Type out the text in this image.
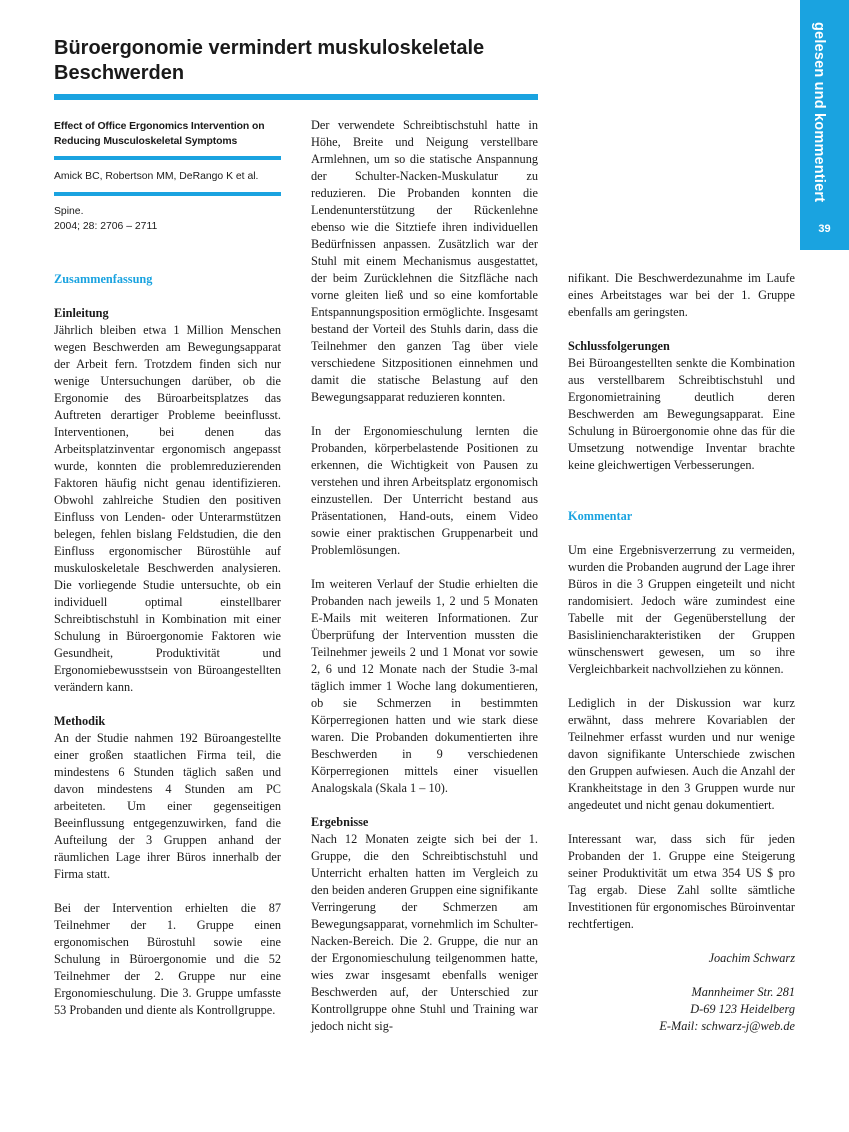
gelesen und kommentiert
39
Büroergonomie vermindert muskuloskeletale Beschwerden
Effect of Office Ergonomics Intervention on Reducing Musculoskeletal Symptoms
Amick BC, Robertson MM, DeRango K et al.
Spine.
2004; 28: 2706 – 2711

Zusammenfassung

Einleitung

Jährlich bleiben etwa 1 Million Menschen wegen Beschwerden am Bewegungsapparat der Arbeit fern. Trotzdem finden sich nur wenige Untersuchungen darüber, ob die Ergonomie des Büroarbeitsplatzes das Auftreten derartiger Probleme beeinflusst. Interventionen, bei denen das Arbeitsplatzinventar ergonomisch angepasst wurde, konnten die problemreduzierenden Faktoren häufig nicht genau identifizieren. Obwohl zahlreiche Studien den positiven Einfluss von Lenden- oder Unterarmstützen belegen, fehlen bislang Feldstudien, die den Einfluss ergonomischer Bürostühle auf muskuloskeletale Beschwerden analysieren. Die vorliegende Studie untersuchte, ob ein individuell optimal einstellbarer Schreibtischstuhl in Kombination mit einer Schulung in Büroergonomie Faktoren wie Gesundheit, Produktivität und Ergonomiebewusstsein von Büroangestellten verändern kann.

Methodik

An der Studie nahmen 192 Büroangestellte einer großen staatlichen Firma teil, die mindestens 6 Stunden täglich saßen und davon mindestens 4 Stunden am PC arbeiteten. Um einer gegenseitigen Beeinflussung entgegenzuwirken, fand die Aufteilung der 3 Gruppen anhand der räumlichen Lage ihrer Büros innerhalb der Firma statt.

Bei der Intervention erhielten die 87 Teilnehmer der 1. Gruppe einen ergonomischen Bürostuhl sowie eine Schulung in Büroergonomie und die 52 Teilnehmer der 2. Gruppe nur eine Ergonomieschulung. Die 3. Gruppe umfasste 53 Probanden und diente als Kontrollgruppe.

Der verwendete Schreibtischstuhl hatte in Höhe, Breite und Neigung verstellbare Armlehnen, um so die statische Anspannung der Schulter-Nacken-Muskulatur zu reduzieren. Die Probanden konnten die Lendenunterstützung der Rückenlehne ebenso wie die Sitztiefe ihren individuellen Bedürfnissen anpassen. Zusätzlich war der Stuhl mit einem Mechanismus ausgestattet, der beim Zurücklehnen die Sitzfläche nach vorne gleiten ließ und so eine komfortable Entspannungsposition ermöglichte. Insgesamt bestand der Vorteil des Stuhls darin, dass die Teilnehmer den ganzen Tag über viele verschiedene Sitzpositionen einnehmen und damit die statische Belastung auf den Bewegungsapparat reduzieren konnten.

In der Ergonomieschulung lernten die Probanden, körperbelastende Positionen zu erkennen, die Wichtigkeit von Pausen zu verstehen und ihren Arbeitsplatz ergonomisch einzustellen. Der Unterricht bestand aus Präsentationen, Hand-outs, einem Video sowie einer praktischen Gruppenarbeit und Problemlösungen.

Im weiteren Verlauf der Studie erhielten die Probanden nach jeweils 1, 2 und 5 Monaten E-Mails mit weiteren Informationen. Zur Überprüfung der Intervention mussten die Teilnehmer jeweils 2 und 1 Monat vor sowie 2, 6 und 12 Monate nach der Studie 3-mal täglich immer 1 Woche lang dokumentieren, ob sie Schmerzen in bestimmten Körperregionen hatten und wie stark diese waren. Die Probanden dokumentierten ihre Beschwerden in 9 verschiedenen Körperregionen mittels einer visuellen Analogskala (Skala 1 – 10).

Ergebnisse

Nach 12 Monaten zeigte sich bei der 1. Gruppe, die den Schreibtischstuhl und Unterricht erhalten hatten im Vergleich zu den beiden anderen Gruppen eine signifikante Verringerung der Schmerzen am Bewegungsapparat, vornehmlich im Schulter-Nacken-Bereich. Die 2. Gruppe, die nur an der Ergonomieschulung teilgenommen hatte, wies zwar insgesamt ebenfalls weniger Beschwerden auf, der Unterschied zur Kontrollgruppe ohne Stuhl und Training war jedoch nicht sig-

nifikant. Die Beschwerdezunahme im Laufe eines Arbeitstages war bei der 1. Gruppe ebenfalls am geringsten.

Schlussfolgerungen

Bei Büroangestellten senkte die Kombination aus verstellbarem Schreibtischstuhl und Ergonomietraining deutlich deren Beschwerden am Bewegungsapparat. Eine Schulung in Büroergonomie ohne das für die Umsetzung notwendige Inventar brachte keine gleichwertigen Verbesserungen.

Kommentar

Um eine Ergebnisverzerrung zu vermeiden, wurden die Probanden augrund der Lage ihrer Büros in die 3 Gruppen eingeteilt und nicht randomisiert. Jedoch wäre zumindest eine Tabelle mit der Gegenüberstellung der Basisliniencharakteristiken der Gruppen wünschenswert gewesen, um so ihre Vergleichbarkeit nachvollziehen zu können.

Lediglich in der Diskussion war kurz erwähnt, dass mehrere Kovariablen der Teilnehmer erfasst wurden und nur wenige davon signifikante Unterschiede zwischen den Gruppen aufwiesen. Auch die Anzahl der Krankheitstage in den 3 Gruppen wurde nur angedeutet und nicht genau dokumentiert.

Interessant war, dass sich für jeden Probanden der 1. Gruppe eine Steigerung seiner Produktivität um etwa 354 US $ pro Tag ergab. Diese Zahl sollte sämtliche Investitionen für ergonomisches Büroinventar rechtfertigen.

Joachim Schwarz

Mannheimer Str. 281

D-69 123 Heidelberg

E-Mail: schwarz-j@web.de
